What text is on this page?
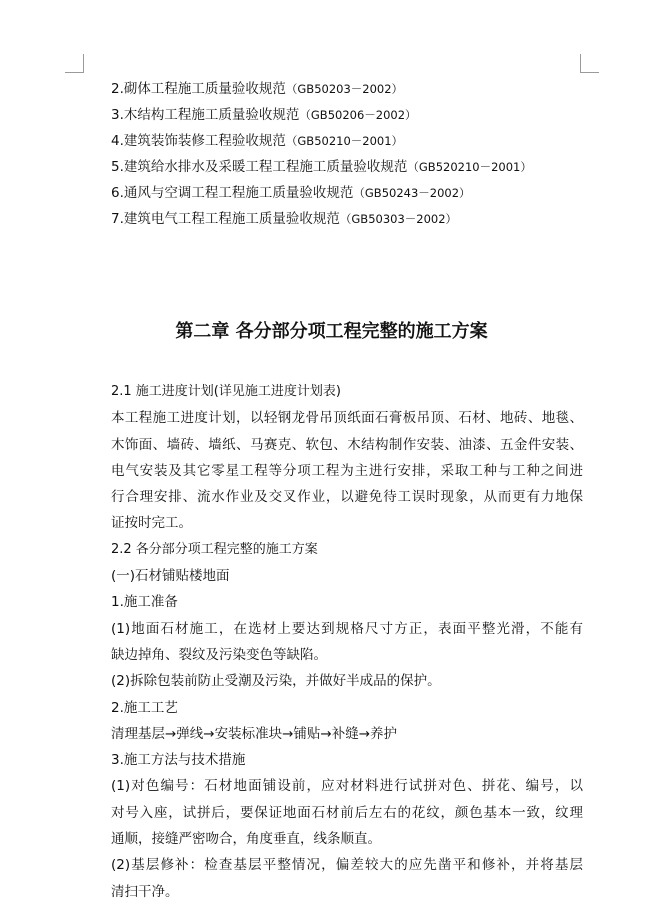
2.砌体工程施工质量验收规范（GB50203－2002）
3.木结构工程施工质量验收规范（GB50206－2002）
4.建筑装饰装修工程验收规范（GB50210－2001）
5.建筑给水排水及采暖工程工程施工质量验收规范（GB520210－2001）
6.通风与空调工程工程施工质量验收规范（GB50243－2002）
7.建筑电气工程工程施工质量验收规范（GB50303－2002）
第二章 各分部分项工程完整的施工方案
2.1 施工进度计划(详见施工进度计划表)
本工程施工进度计划，以轻钢龙骨吊顶纸面石膏板吊顶、石材、地砖、地毯、
木饰面、墙砖、墙纸、马赛克、软包、木结构制作安装、油漆、五金件安装、
电气安装及其它零星工程等分项工程为主进行安排，采取工种与工种之间进
行合理安排、流水作业及交叉作业，以避免待工误时现象，从而更有力地保
证按时完工。
2.2 各分部分项工程完整的施工方案
(一)石材铺贴楼地面
1.施工准备
(1)地面石材施工，在选材上要达到规格尺寸方正，表面平整光滑，不能有
缺边掉角、裂纹及污染变色等缺陷。
(2)拆除包装前防止受潮及污染，并做好半成品的保护。
2.施工工艺
清理基层→弹线→安装标准块→铺贴→补缝→养护
3.施工方法与技术措施
(1)对色编号：石材地面铺设前，应对材料进行试拼对色、拼花、编号，以
对号入座，试拼后，要保证地面石材前后左右的花纹，颜色基本一致，纹理
通顺，接缝严密吻合，角度垂直，线条顺直。
(2)基层修补：检查基层平整情况，偏差较大的应先凿平和修补，并将基层
清扫干净。
